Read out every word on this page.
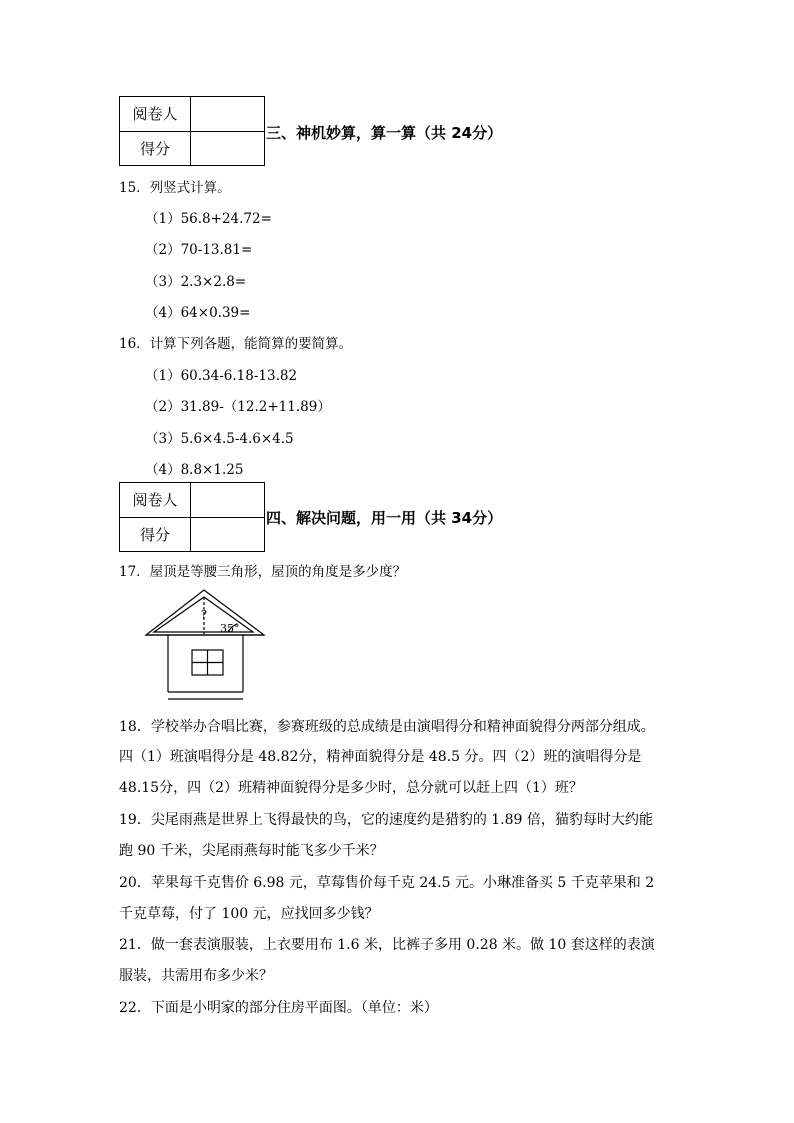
阅卷人
得分
三、神机妙算，算一算（共 24分）
15．列竖式计算。
（1）56.8+24.72=
（2）70-13.81=
（3）2.3×2.8=
（4）64×0.39=
16．计算下列各题，能简算的要简算。
（1）60.34-6.18-13.82
（2）31.89-（12.2+11.89）
（3）5.6×4.5-4.6×4.5
（4）8.8×1.25
阅卷人
得分
四、解决问题，用一用（共 34分）
17．屋顶是等腰三角形，屋顶的角度是多少度？
?
35°
18．学校举办合唱比赛，参赛班级的总成绩是由演唱得分和精神面貌得分两部分组成。
四（1）班演唱得分是 48.82分，精神面貌得分是 48.5 分。四（2）班的演唱得分是
48.15分，四（2）班精神面貌得分是多少时，总分就可以赶上四（1）班？
19．尖尾雨燕是世界上飞得最快的鸟，它的速度约是猎豹的 1.89 倍，猫豹每时大约能
跑 90 千米，尖尾雨燕每时能飞多少千米？
20．苹果每千克售价 6.98 元，草莓售价每千克 24.5 元。小琳准备买 5 千克苹果和 2
千克草莓，付了 100 元，应找回多少钱？
21．做一套表演服装，上衣要用布 1.6 米，比裤子多用 0.28 米。做 10 套这样的表演
服装，共需用布多少米？
22．下面是小明家的部分住房平面图。（单位：米）
